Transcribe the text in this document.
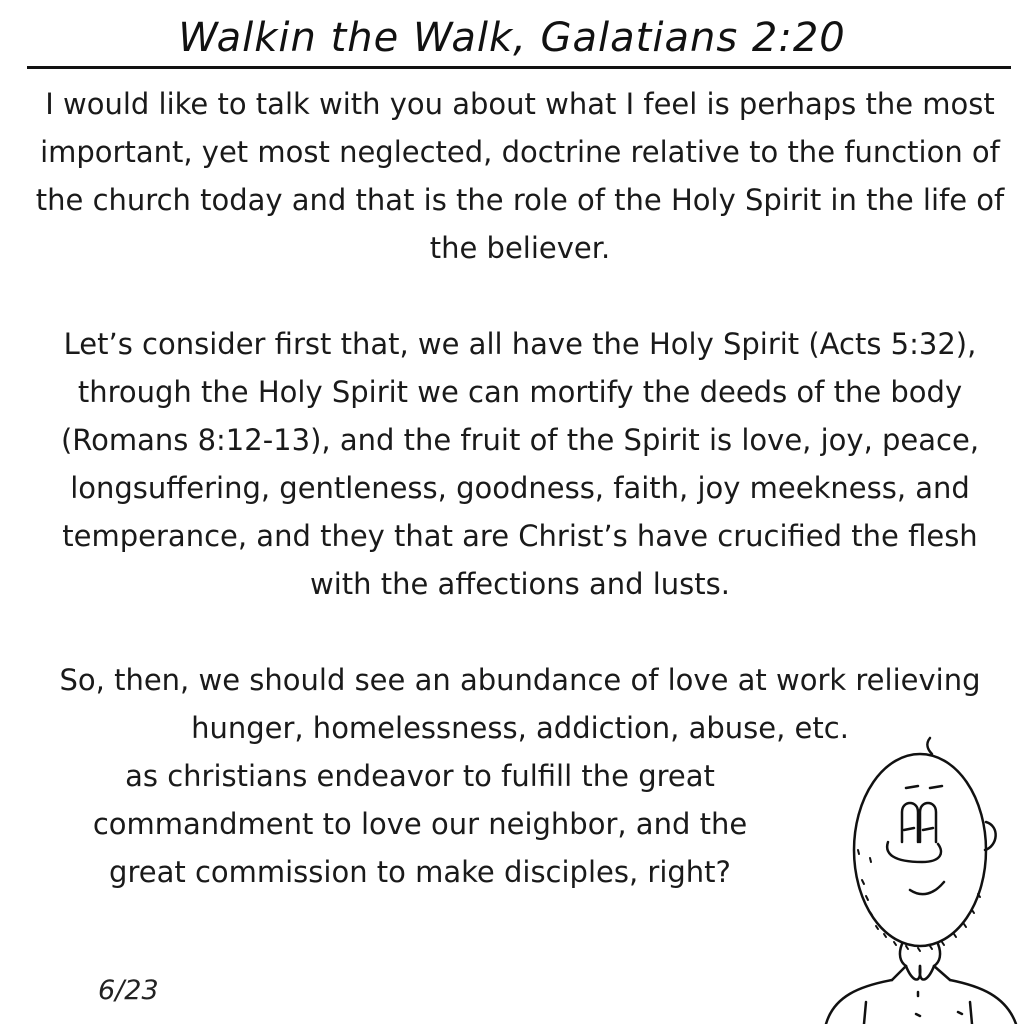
Walkin the Walk, Galatians 2:20

I would like to talk with you about what I feel is perhaps the most important, yet most neglected, doctrine relative to the function of the church today and that is the role of the Holy Spirit in the life of the believer.

Let’s consider first that, we all have the Holy Spirit (Acts 5:32), through the Holy Spirit we can mortify the deeds of the body (Romans 8:12-13), and the fruit of the Spirit is love, joy, peace, longsuffering, gentleness, goodness, faith, joy meekness, and temperance, and they that are Christ’s have crucified the flesh with the affections and lusts.

So, then, we should see an abundance of love at work relieving hunger, homelessness, addiction, abuse, etc.

as christians endeavor to fulfill the great commandment to love our neighbor, and the great commission to make disciples, right?

6/23
